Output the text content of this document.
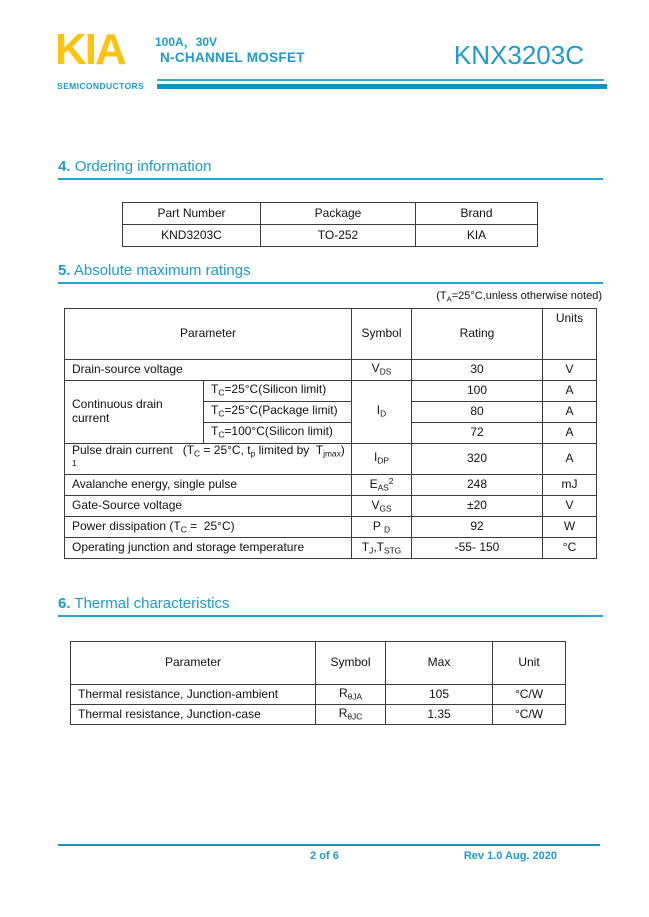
KIA
SEMICONDUCTORS
100A，30V
N-CHANNEL MOSFET	KNX3203C
4. Ordering information
Part Number	Package	Brand
KND3203C	TO-252	KIA
5. Absolute maximum ratings
($T_A=25^\circ C,unless$ otherwise noted)
Parameter		Symbol	Rating	Units
Drain-source voltage		$V_{DS}$	30	V
Continuous drain current	$T_C=25^\circ C(Silicon$ limit)	$I_D$	100	A
	$T_C=25^\circ C(Package$ limit)		80	A
	$T_C=100^\circ C(Silicon$ limit)		72	A
Pulse drain current   ($T_C = 25^\circ C$, $t_p$ limited by  $T_{jmax}$) $^1$		$I_{DP}$	320	A
Avalanche energy, single pulse		$E_{AS}^2$	248	mJ
Gate-Source voltage		$V_{GS}$	±20	V
Power dissipation $(T_C = 25^\circ C)$		P $_D$	92	W
Operating junction and storage temperature		$T_J,T_{STG}$	-55- 150	°C
6. Thermal characteristics
Parameter	Symbol	Max	Unit
Thermal resistance, Junction-ambient	$R_{\theta JA}$	105	°C/W
Thermal resistance, Junction-case	$R_{\theta JC}$	1.35	°C/W
2 of 6	Rev 1.0 Aug. 2020
